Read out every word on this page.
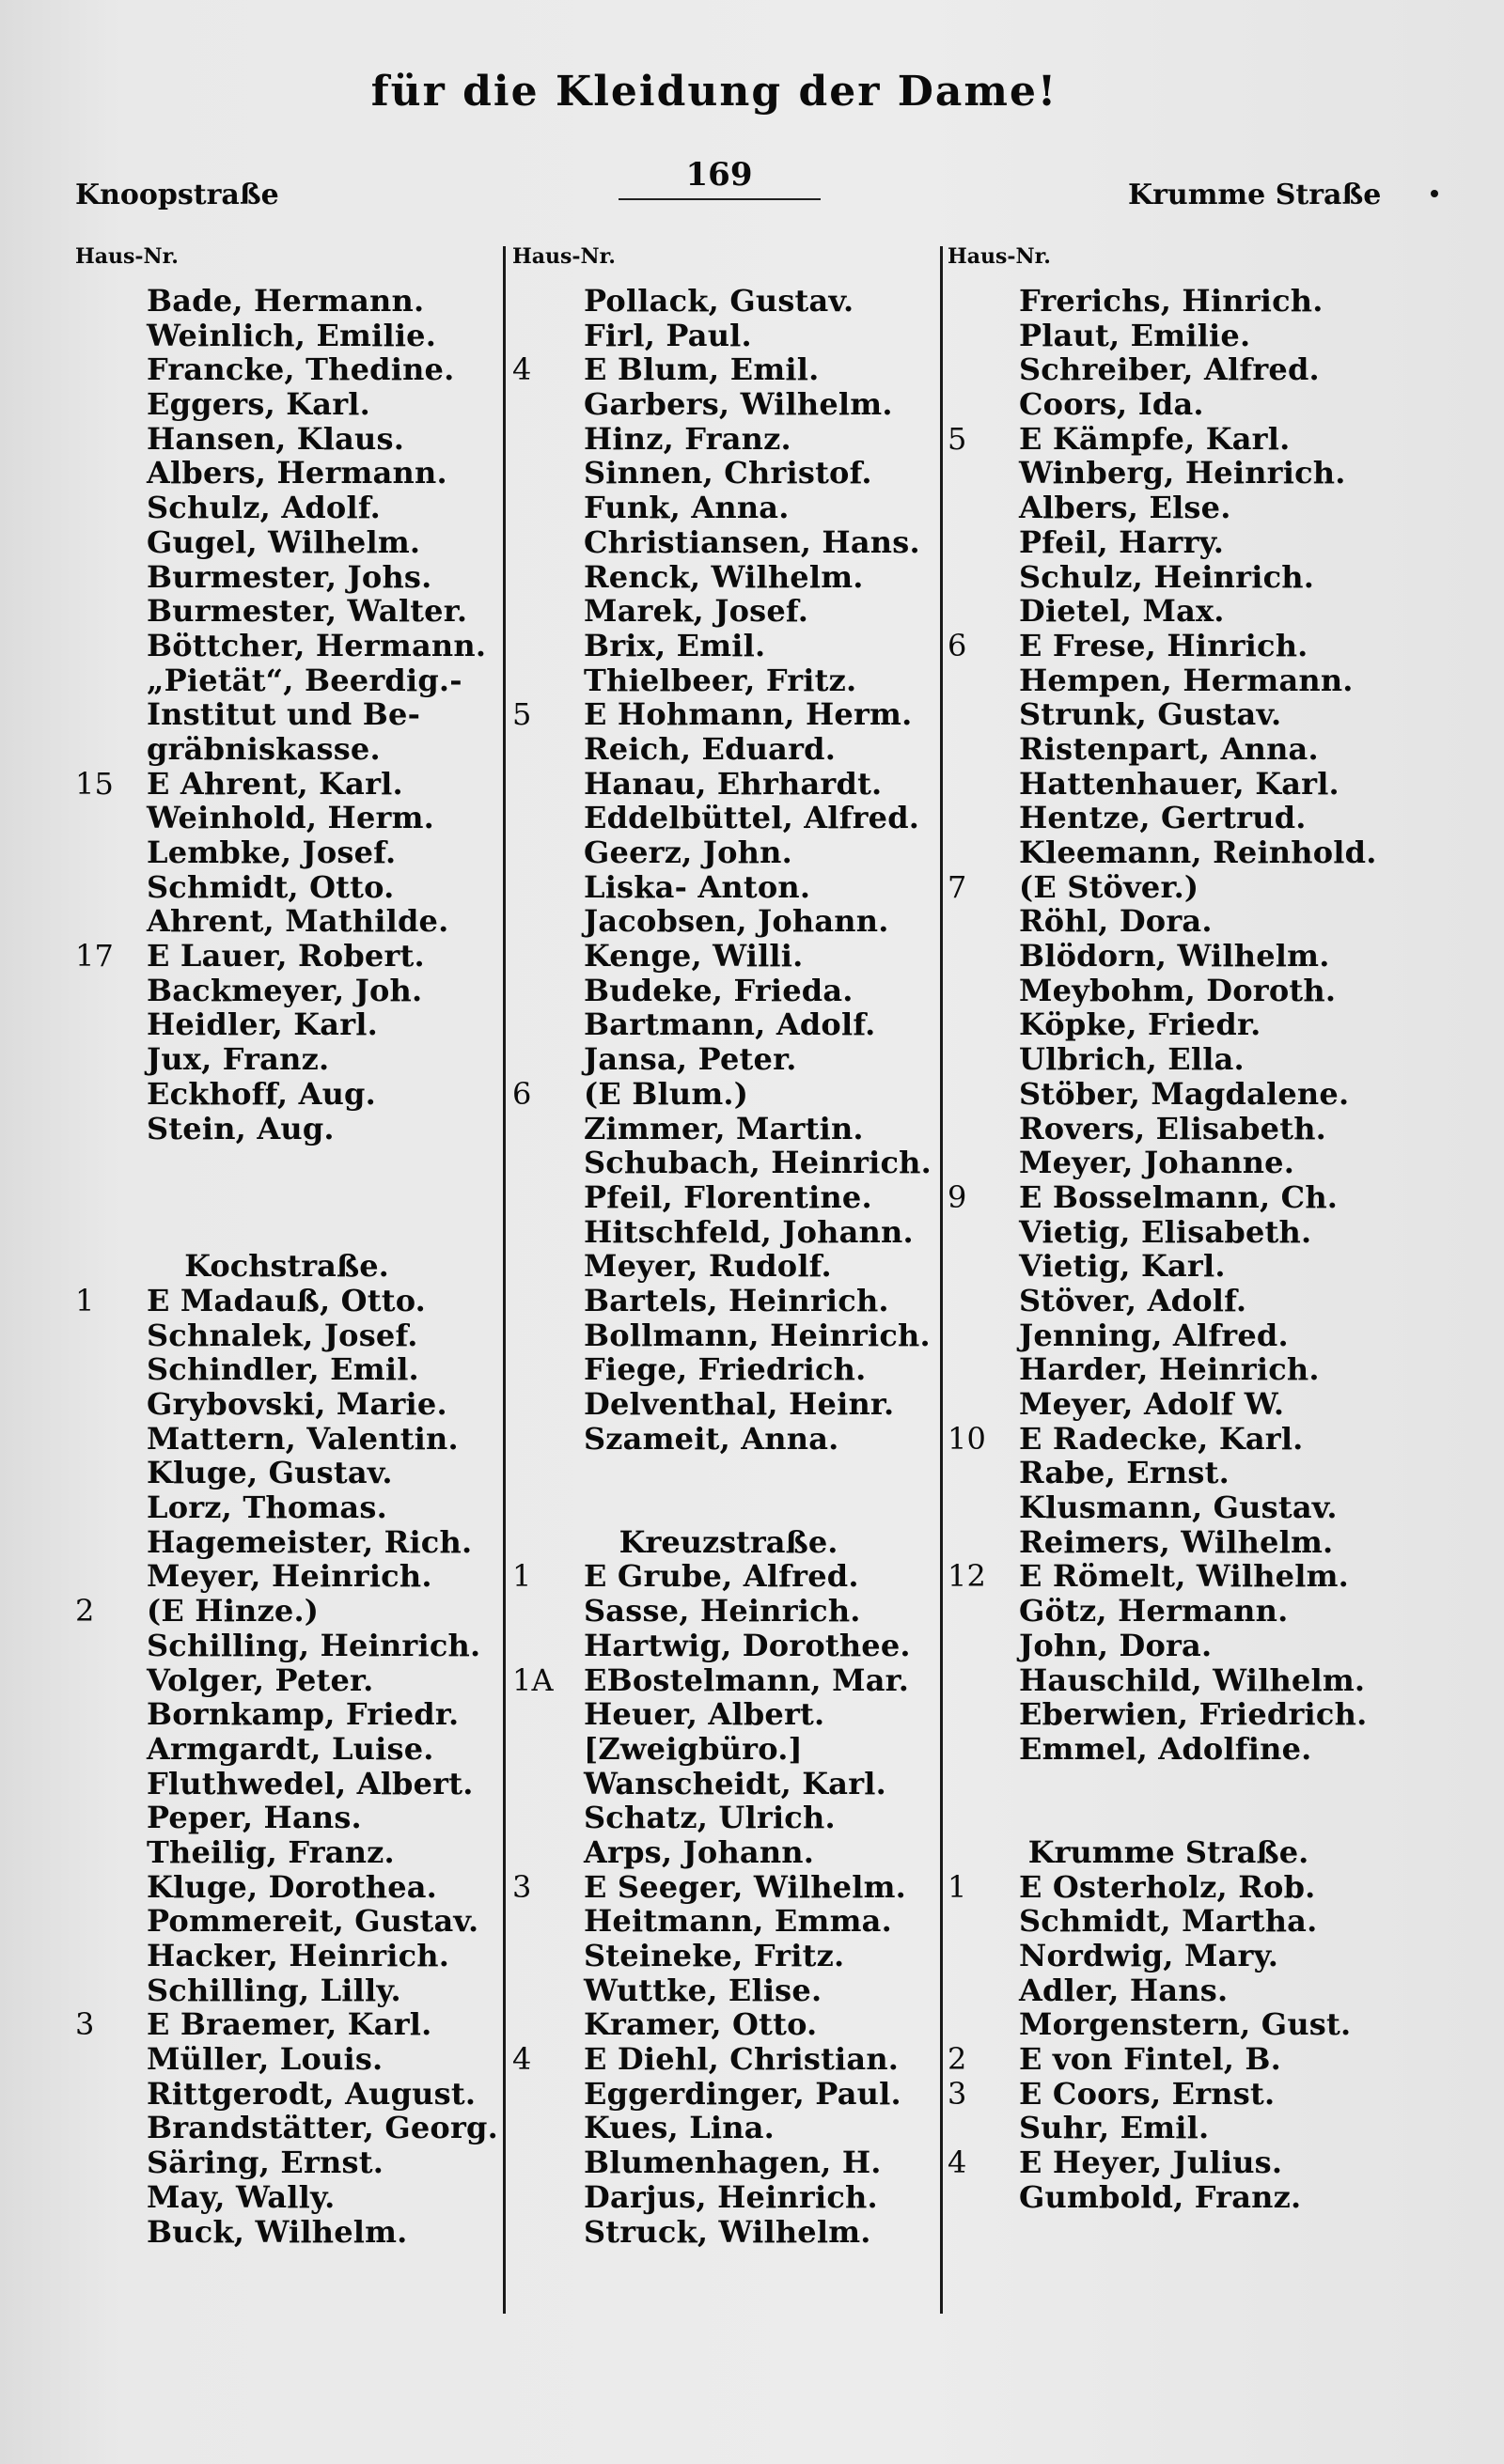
für die Kleidung der Dame!
Knoopstraße
169
Krumme Straße
Haus-Nr.
Bade, Hermann.
Weinlich, Emilie.
Francke, Thedine.
Eggers, Karl.
Hansen, Klaus.
Albers, Hermann.
Schulz, Adolf.
Gugel, Wilhelm.
Burmester, Johs.
Burmester, Walter.
Böttcher, Hermann.
„Pietät“, Beerdig.-
Institut und Be-
gräbniskasse.
15	E Ahrent, Karl.
Weinhold, Herm.
Lembke, Josef.
Schmidt, Otto.
Ahrent, Mathilde.
17	E Lauer, Robert.
Backmeyer, Joh.
Heidler, Karl.
Jux, Franz.
Eckhoff, Aug.
Stein, Aug.
Kochstraße.
1	E Madauß, Otto.
Schnalek, Josef.
Schindler, Emil.
Grybovski, Marie.
Mattern, Valentin.
Kluge, Gustav.
Lorz, Thomas.
Hagemeister, Rich.
Meyer, Heinrich.
2	(E Hinze.)
Schilling, Heinrich.
Volger, Peter.
Bornkamp, Friedr.
Armgardt, Luise.
Fluthwedel, Albert.
Peper, Hans.
Theilig, Franz.
Kluge, Dorothea.
Pommereit, Gustav.
Hacker, Heinrich.
Schilling, Lilly.
3	E Braemer, Karl.
Müller, Louis.
Rittgerodt, August.
Brandstätter, Georg.
Säring, Ernst.
May, Wally.
Buck, Wilhelm.
Haus-Nr.
Pollack, Gustav.
Firl, Paul.
4	E Blum, Emil.
Garbers, Wilhelm.
Hinz, Franz.
Sinnen, Christof.
Funk, Anna.
Christiansen, Hans.
Renck, Wilhelm.
Marek, Josef.
Brix, Emil.
Thielbeer, Fritz.
5	E Hohmann, Herm.
Reich, Eduard.
Hanau, Ehrhardt.
Eddelbüttel, Alfred.
Geerz, John.
Liska- Anton.
Jacobsen, Johann.
Kenge, Willi.
Budeke, Frieda.
Bartmann, Adolf.
Jansa, Peter.
6	(E Blum.)
Zimmer, Martin.
Schubach, Heinrich.
Pfeil, Florentine.
Hitschfeld, Johann.
Meyer, Rudolf.
Bartels, Heinrich.
Bollmann, Heinrich.
Fiege, Friedrich.
Delventhal, Heinr.
Szameit, Anna.
Kreuzstraße.
1	E Grube, Alfred.
Sasse, Heinrich.
Hartwig, Dorothee.
1A	EBostelmann, Mar.
Heuer, Albert.
[Zweigbüro.]
Wanscheidt, Karl.
Schatz, Ulrich.
Arps, Johann.
3	E Seeger, Wilhelm.
Heitmann, Emma.
Steineke, Fritz.
Wuttke, Elise.
Kramer, Otto.
4	E Diehl, Christian.
Eggerdinger, Paul.
Kues, Lina.
Blumenhagen, H.
Darjus, Heinrich.
Struck, Wilhelm.
Haus-Nr.
Frerichs, Hinrich.
Plaut, Emilie.
Schreiber, Alfred.
Coors, Ida.
5	E Kämpfe, Karl.
Winberg, Heinrich.
Albers, Else.
Pfeil, Harry.
Schulz, Heinrich.
Dietel, Max.
6	E Frese, Hinrich.
Hempen, Hermann.
Strunk, Gustav.
Ristenpart, Anna.
Hattenhauer, Karl.
Hentze, Gertrud.
Kleemann, Reinhold.
7	(E Stöver.)
Röhl, Dora.
Blödorn, Wilhelm.
Meybohm, Doroth.
Köpke, Friedr.
Ulbrich, Ella.
Stöber, Magdalene.
Rovers, Elisabeth.
Meyer, Johanne.
9	E Bosselmann, Ch.
Vietig, Elisabeth.
Vietig, Karl.
Stöver, Adolf.
Jenning, Alfred.
Harder, Heinrich.
Meyer, Adolf W.
10	E Radecke, Karl.
Rabe, Ernst.
Klusmann, Gustav.
Reimers, Wilhelm.
12	E Römelt, Wilhelm.
Götz, Hermann.
John, Dora.
Hauschild, Wilhelm.
Eberwien, Friedrich.
Emmel, Adolfine.
Krumme Straße.
1	E Osterholz, Rob.
Schmidt, Martha.
Nordwig, Mary.
Adler, Hans.
Morgenstern, Gust.
2	E von Fintel, B.
3	E Coors, Ernst.
Suhr, Emil.
4	E Heyer, Julius.
Gumbold, Franz.
